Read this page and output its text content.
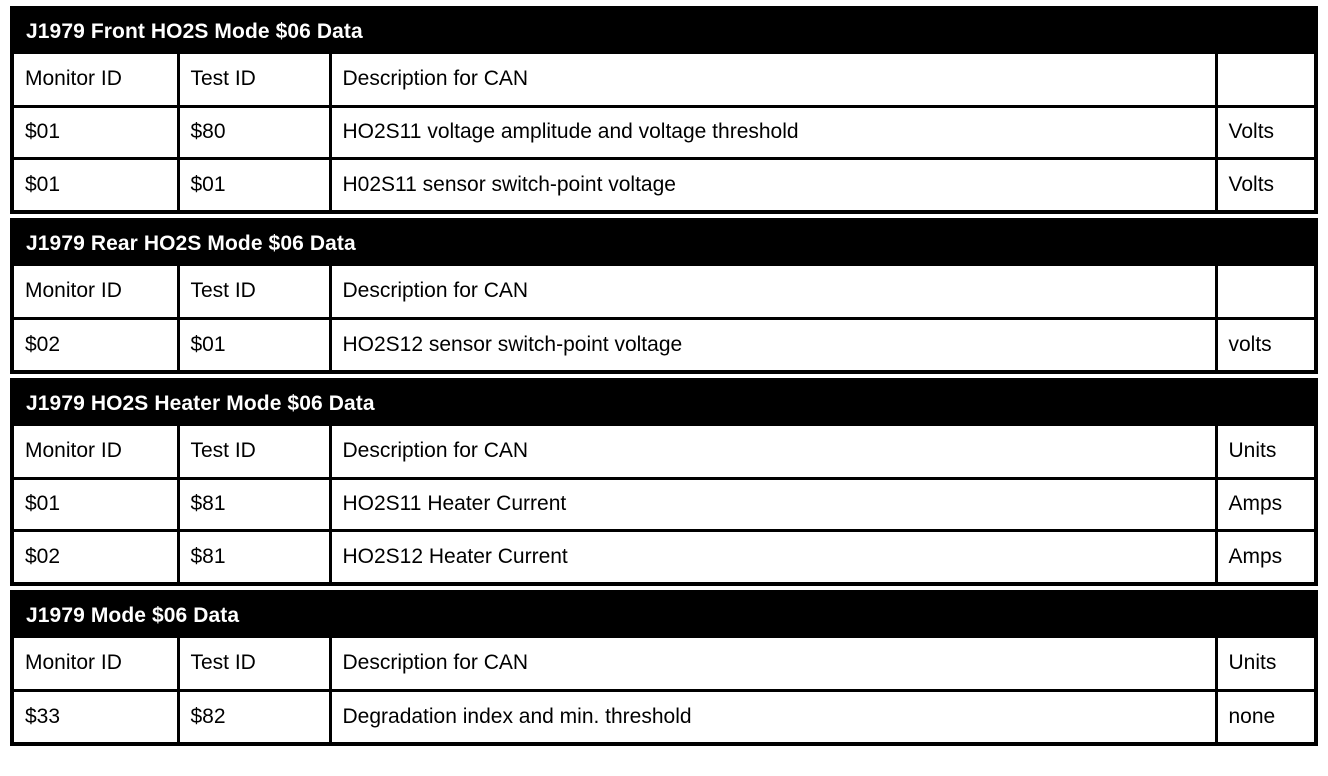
J1979 Front HO2S Mode $06 Data
Monitor ID	Test ID	Description for CAN	
$01	$80	HO2S11 voltage amplitude and voltage threshold	Volts
$01	$01	H02S11 sensor switch-point voltage	Volts
J1979 Rear HO2S Mode $06 Data
Monitor ID	Test ID	Description for CAN	
$02	$01	HO2S12 sensor switch-point voltage	volts
J1979 HO2S Heater Mode $06 Data
Monitor ID	Test ID	Description for CAN	Units
$01	$81	HO2S11 Heater Current	Amps
$02	$81	HO2S12 Heater Current	Amps
J1979 Mode $06 Data
Monitor ID	Test ID	Description for CAN	Units
$33	$82	Degradation index and min. threshold	none
